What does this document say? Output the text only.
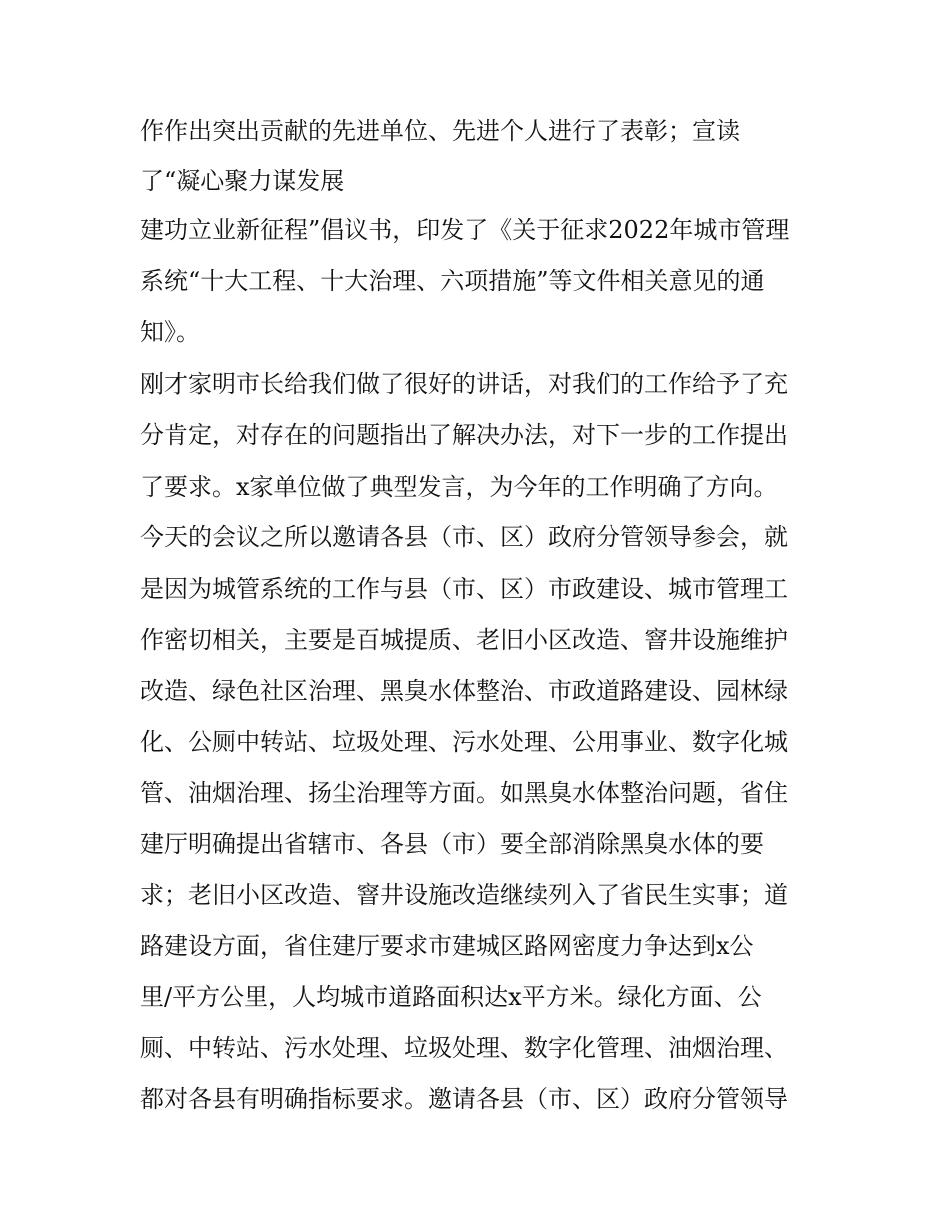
作作出突出贡献的先进单位、先进个人进行了表彰；宣读
了“凝心聚力谋发展
建功立业新征程”倡议书，印发了《关于征求2022年城市管理
系统“十大工程、十大治理、六项措施”等文件相关意见的通
知》。
刚才家明市长给我们做了很好的讲话，对我们的工作给予了充
分肯定，对存在的问题指出了解决办法，对下一步的工作提出
了要求。x家单位做了典型发言，为今年的工作明确了方向。
今天的会议之所以邀请各县（市、区）政府分管领导参会，就
是因为城管系统的工作与县（市、区）市政建设、城市管理工
作密切相关，主要是百城提质、老旧小区改造、窨井设施维护
改造、绿色社区治理、黑臭水体整治、市政道路建设、园林绿
化、公厕中转站、垃圾处理、污水处理、公用事业、数字化城
管、油烟治理、扬尘治理等方面。如黑臭水体整治问题，省住
建厅明确提出省辖市、各县（市）要全部消除黑臭水体的要
求；老旧小区改造、窨井设施改造继续列入了省民生实事；道
路建设方面，省住建厅要求市建城区路网密度力争达到x公
里/平方公里，人均城市道路面积达x平方米。绿化方面、公
厕、中转站、污水处理、垃圾处理、数字化管理、油烟治理、
都对各县有明确指标要求。邀请各县（市、区）政府分管领导
